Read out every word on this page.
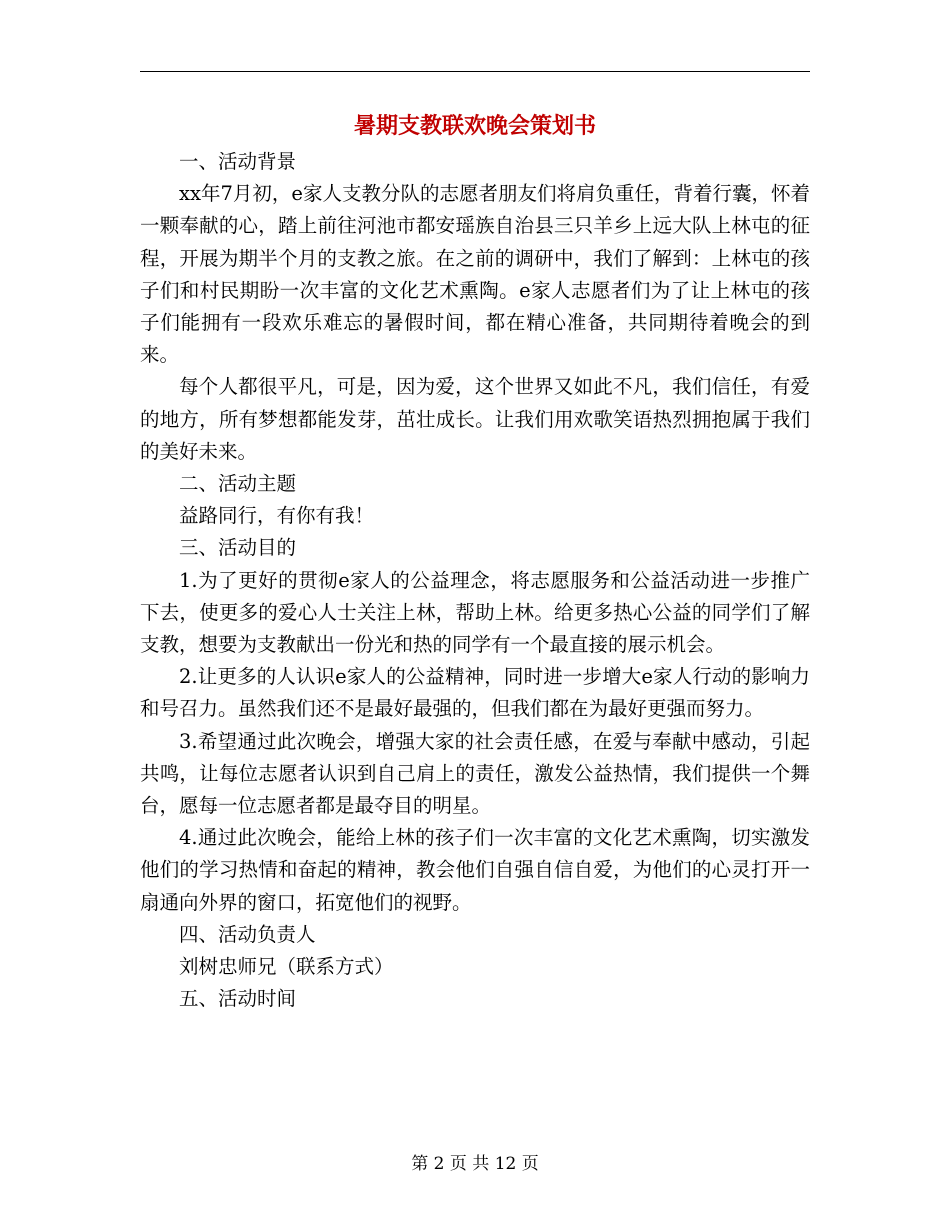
暑期支教联欢晚会策划书

一、活动背景

xx年7月初，e家人支教分队的志愿者朋友们将肩负重任，背着行囊，怀着一颗奉献的心，踏上前往河池市都安瑶族自治县三只羊乡上远大队上林屯的征程，开展为期半个月的支教之旅。在之前的调研中，我们了解到：上林屯的孩子们和村民期盼一次丰富的文化艺术熏陶。e家人志愿者们为了让上林屯的孩子们能拥有一段欢乐难忘的暑假时间，都在精心准备，共同期待着晚会的到来。

每个人都很平凡，可是，因为爱，这个世界又如此不凡，我们信任，有爱的地方，所有梦想都能发芽，茁壮成长。让我们用欢歌笑语热烈拥抱属于我们的美好未来。

二、活动主题

益路同行，有你有我！

三、活动目的

1.为了更好的贯彻e家人的公益理念，将志愿服务和公益活动进一步推广下去，使更多的爱心人士关注上林，帮助上林。给更多热心公益的同学们了解支教，想要为支教献出一份光和热的同学有一个最直接的展示机会。

2.让更多的人认识e家人的公益精神，同时进一步增大e家人行动的影响力和号召力。虽然我们还不是最好最强的，但我们都在为最好更强而努力。

3.希望通过此次晚会，增强大家的社会责任感，在爱与奉献中感动，引起共鸣，让每位志愿者认识到自己肩上的责任，激发公益热情，我们提供一个舞台，愿每一位志愿者都是最夺目的明星。

4.通过此次晚会，能给上林的孩子们一次丰富的文化艺术熏陶，切实激发他们的学习热情和奋起的精神，教会他们自强自信自爱，为他们的心灵打开一扇通向外界的窗口，拓宽他们的视野。

四、活动负责人

刘树忠师兄（联系方式）

五、活动时间

第 2 页 共 12 页
